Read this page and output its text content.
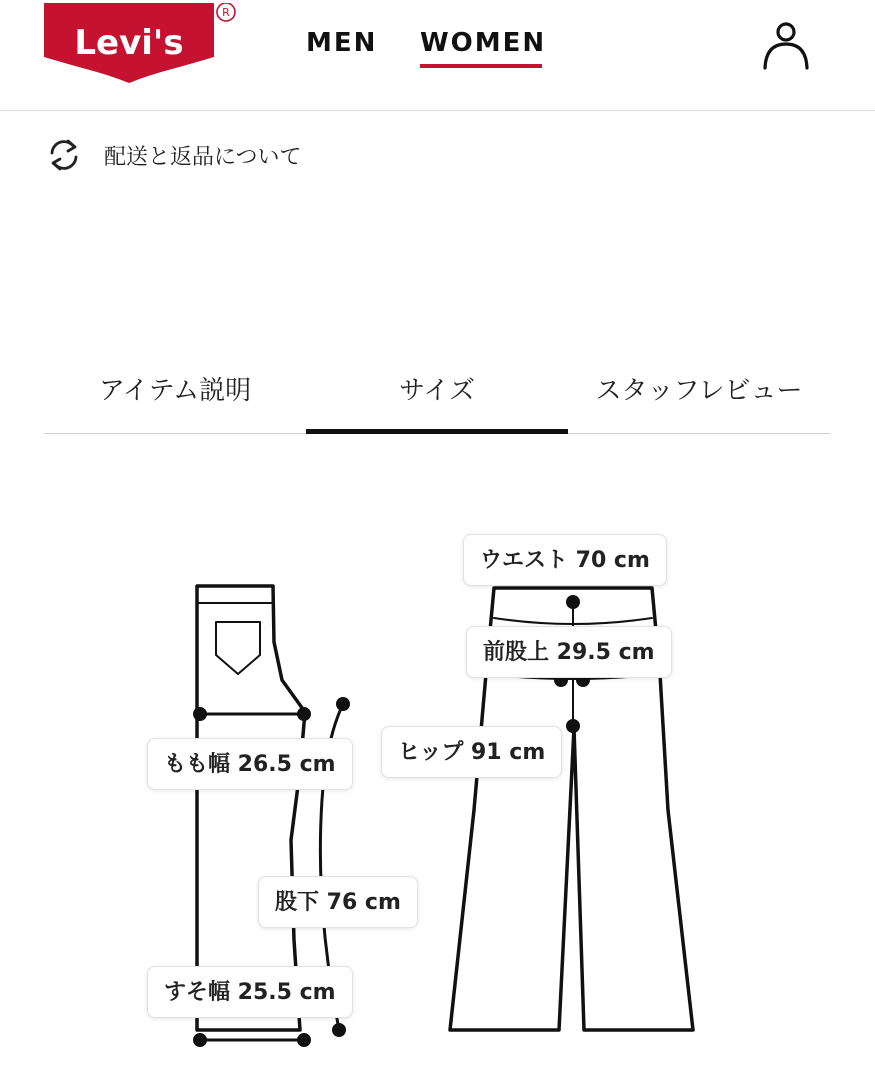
R
Levi's	MEN WOMEN
配送と返品について
アイテム説明	サイズ	スタッフレビュー
ウエスト 70 cm
前股上 29.5 cm
ヒップ 91 cm
もも幅 26.5 cm
股下 76 cm
すそ幅 25.5 cm
